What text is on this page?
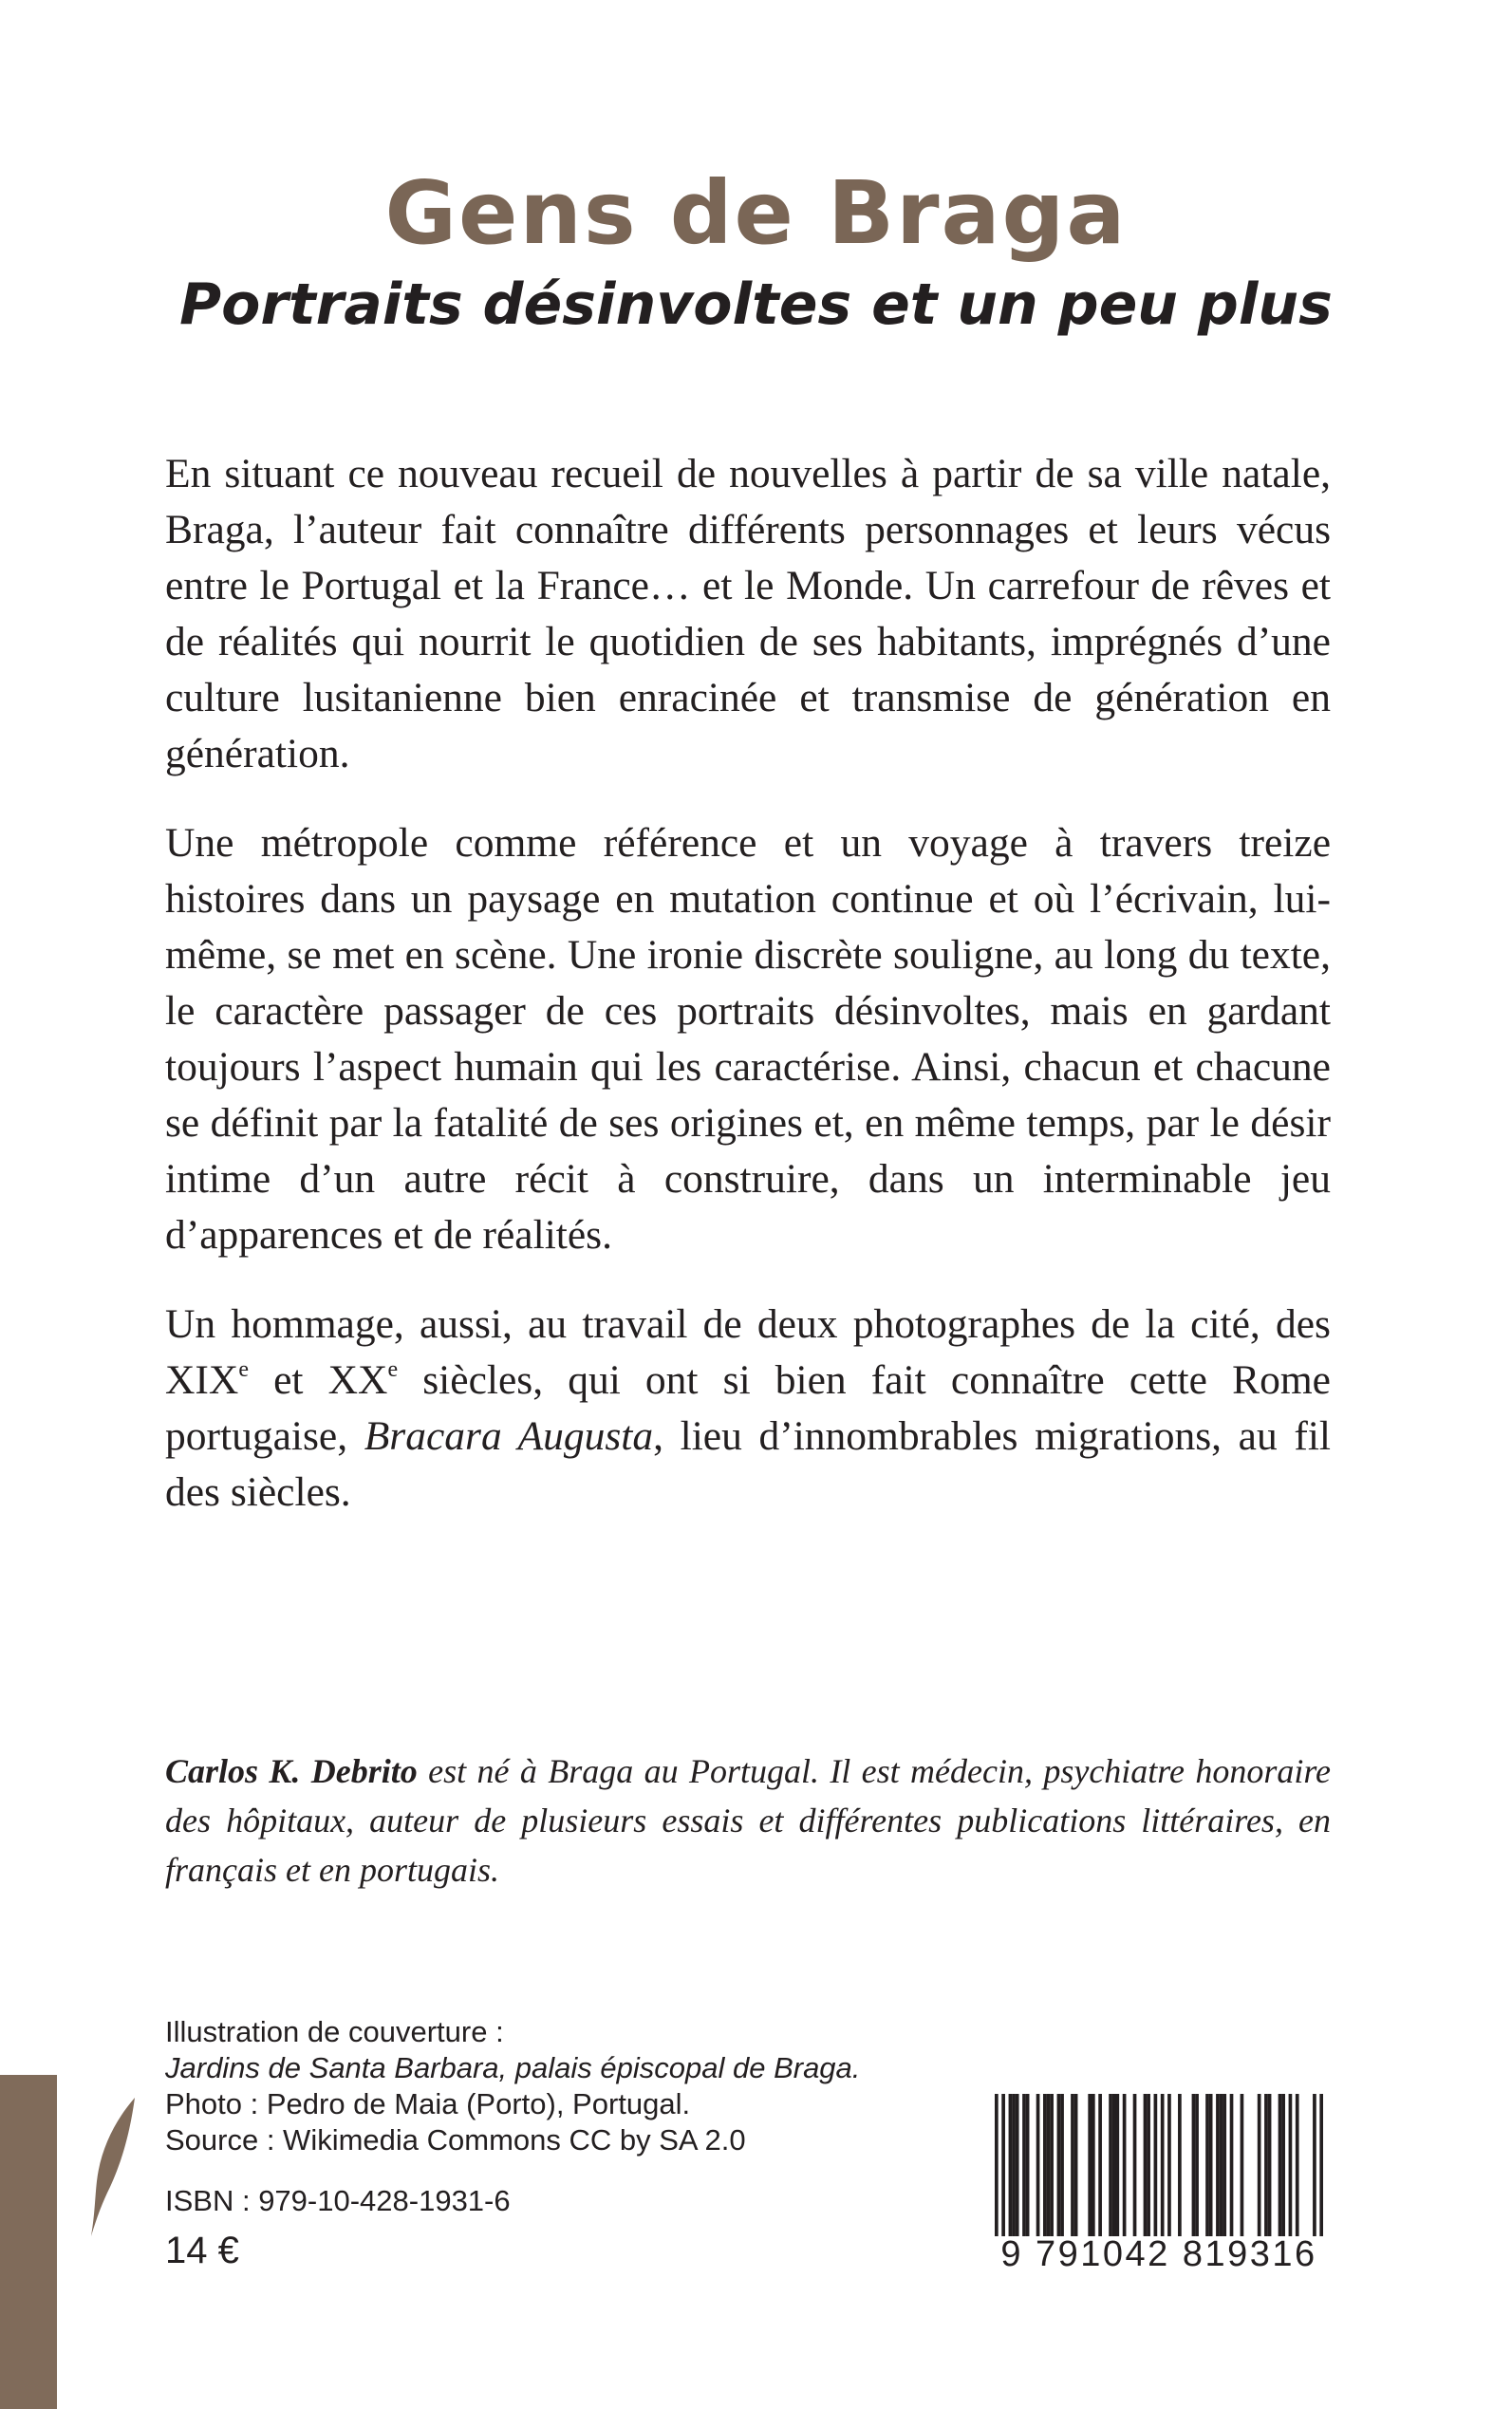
Gens de Braga
Portraits désinvoltes et un peu plus

En situant ce nouveau recueil de nouvelles à partir de sa ville natale, Braga, l’auteur fait connaître différents personnages et leurs vécus entre le Portugal et la France… et le Monde. Un carrefour de rêves et de réalités qui nourrit le quotidien de ses habitants, imprégnés d’une culture lusitanienne bien enracinée et transmise de génération en génération.

Une métropole comme référence et un voyage à travers treize histoires dans un paysage en mutation continue et où l’écrivain, lui-même, se met en scène. Une ironie discrète souligne, au long du texte, le caractère passager de ces portraits désinvoltes, mais en gardant toujours l’aspect humain qui les caractérise. Ainsi, chacun et chacune se définit par la fatalité de ses origines et, en même temps, par le désir intime d’un autre récit à construire, dans un interminable jeu d’apparences et de réalités.

Un hommage, aussi, au travail de deux photographes de la cité, des XIXe et XXe siècles, qui ont si bien fait connaître cette Rome portugaise, Bracara Augusta, lieu d’innombrables migrations, au fil des siècles.

Carlos K. Debrito est né à Braga au Portugal. Il est médecin, psychiatre honoraire des hôpitaux, auteur de plusieurs essais et différentes publications littéraires, en français et en portugais.

Illustration de couverture :
Jardins de Santa Barbara, palais épiscopal de Braga.
Photo : Pedro de Maia (Porto), Portugal.
Source : Wikimedia Commons CC by SA 2.0
ISBN : 979-10-428-1931-6
14 €	9 791042 819316
